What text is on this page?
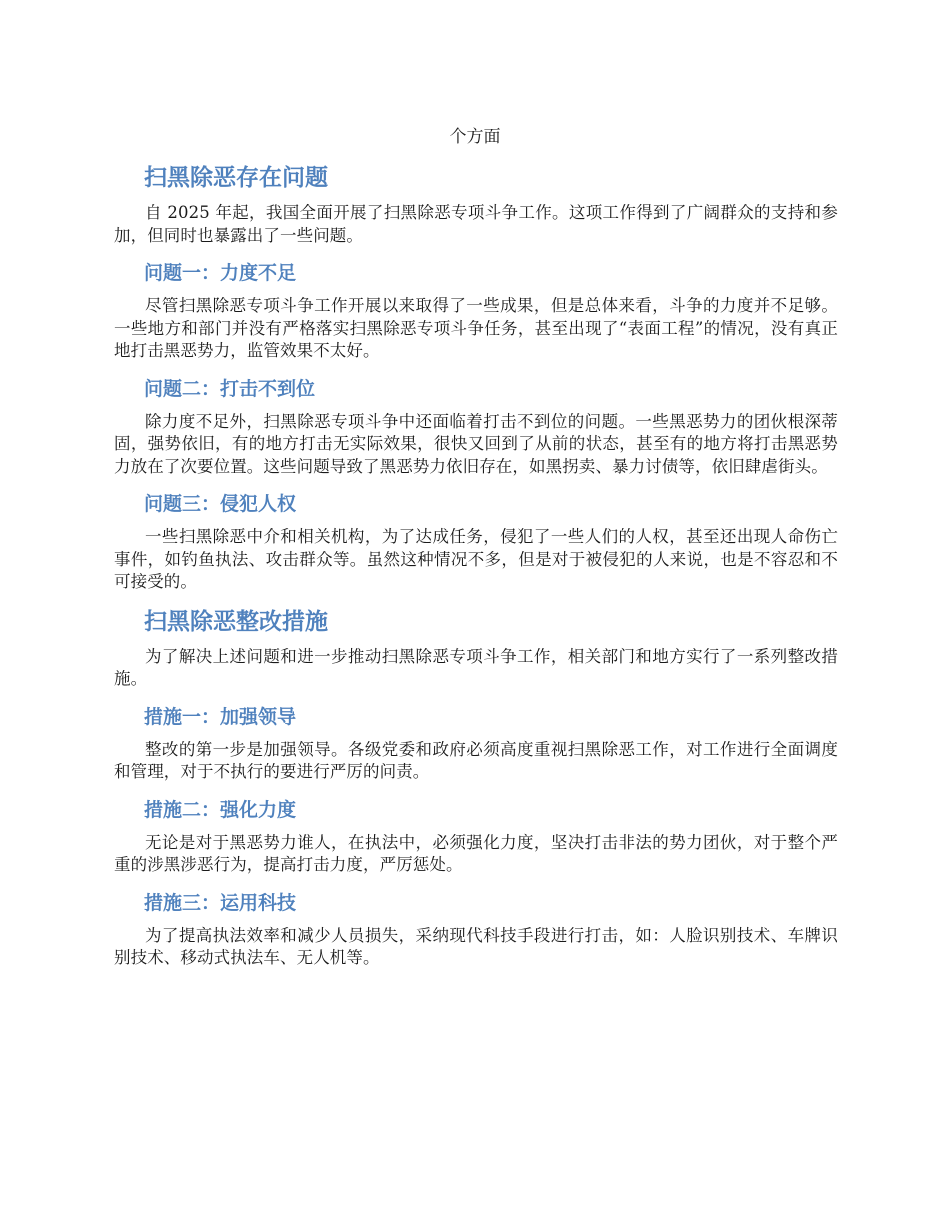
个方面
扫黑除恶存在问题

自 2025 年起，我国全面开展了扫黑除恶专项斗争工作。这项工作得到了广阔群众的支持和参加，但同时也暴露出了一些问题。

问题一：力度不足

尽管扫黑除恶专项斗争工作开展以来取得了一些成果，但是总体来看，斗争的力度并不足够。一些地方和部门并没有严格落实扫黑除恶专项斗争任务，甚至出现了“表面工程”的情况，没有真正地打击黑恶势力，监管效果不太好。

问题二：打击不到位

除力度不足外，扫黑除恶专项斗争中还面临着打击不到位的问题。一些黑恶势力的团伙根深蒂固，强势依旧，有的地方打击无实际效果，很快又回到了从前的状态，甚至有的地方将打击黑恶势力放在了次要位置。这些问题导致了黑恶势力依旧存在，如黑拐卖、暴力讨债等，依旧肆虐街头。

问题三：侵犯人权

一些扫黑除恶中介和相关机构，为了达成任务，侵犯了一些人们的人权，甚至还出现人命伤亡事件，如钓鱼执法、攻击群众等。虽然这种情况不多，但是对于被侵犯的人来说，也是不容忍和不可接受的。

扫黑除恶整改措施

为了解决上述问题和进一步推动扫黑除恶专项斗争工作，相关部门和地方实行了一系列整改措施。

措施一：加强领导

整改的第一步是加强领导。各级党委和政府必须高度重视扫黑除恶工作，对工作进行全面调度和管理，对于不执行的要进行严厉的问责。

措施二：强化力度

无论是对于黑恶势力谁人，在执法中，必须强化力度，坚决打击非法的势力团伙，对于整个严重的涉黑涉恶行为，提高打击力度，严厉惩处。

措施三：运用科技

为了提高执法效率和减少人员损失，采纳现代科技手段进行打击，如：人脸识别技术、车牌识别技术、移动式执法车、无人机等。
